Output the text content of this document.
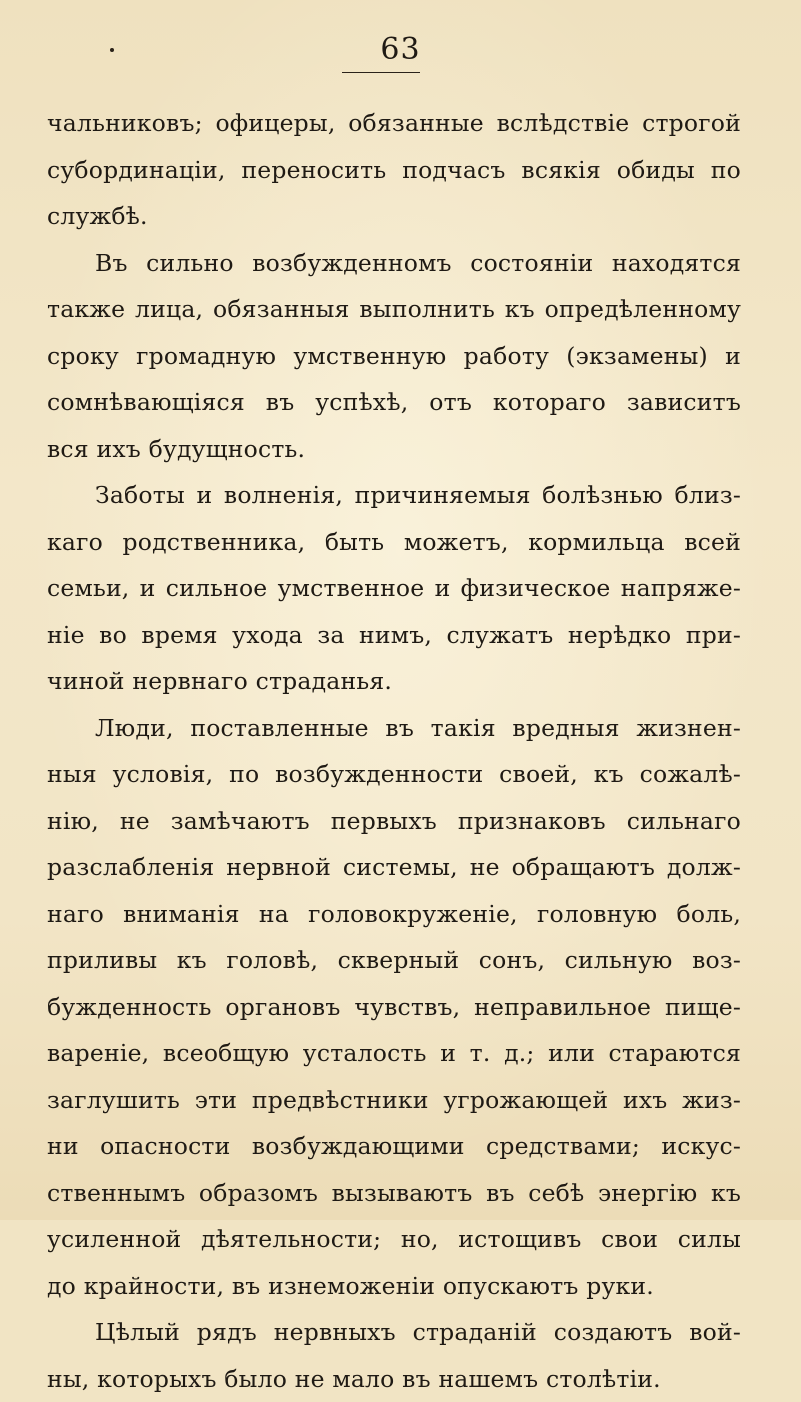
63
чальниковъ; офицеры, обязанные вслѣдствіе строгой
субординаціи, переносить подчасъ всякія обиды по
службѣ.
Въ сильно возбужденномъ состояніи находятся
также лица, обязанныя выполнить къ опредѣленному
сроку громадную умственную работу (экзамены) и
сомнѣвающіяся въ успѣхѣ, отъ котораго зависитъ
вся ихъ будущность.
Заботы и волненія, причиняемыя болѣзнью близ-
каго родственника, быть можетъ, кормильца всей
семьи, и сильное умственное и физическое напряже-
ніе во время ухода за нимъ, служатъ нерѣдко при-
чиной нервнаго страданья.
Люди, поставленные въ такія вредныя жизнен-
ныя условія, по возбужденности своей, къ сожалѣ-
нію, не замѣчаютъ первыхъ признаковъ сильнаго
разслабленія нервной системы, не обращаютъ долж-
наго вниманія на головокруженіе, головную боль,
приливы къ головѣ, скверный сонъ, сильную воз-
бужденность органовъ чувствъ, неправильное пище-
вареніе, всеобщую усталость и т. д.; или стараются
заглушить эти предвѣстники угрожающей ихъ жиз-
ни опасности возбуждающими средствами; искус-
ственнымъ образомъ вызываютъ въ себѣ энергію къ
усиленной дѣятельности; но, истощивъ свои силы
до крайности, въ изнеможеніи опускаютъ руки.
Цѣлый рядъ нервныхъ страданій создаютъ вой-
ны, которыхъ было не мало въ нашемъ столѣтіи.
